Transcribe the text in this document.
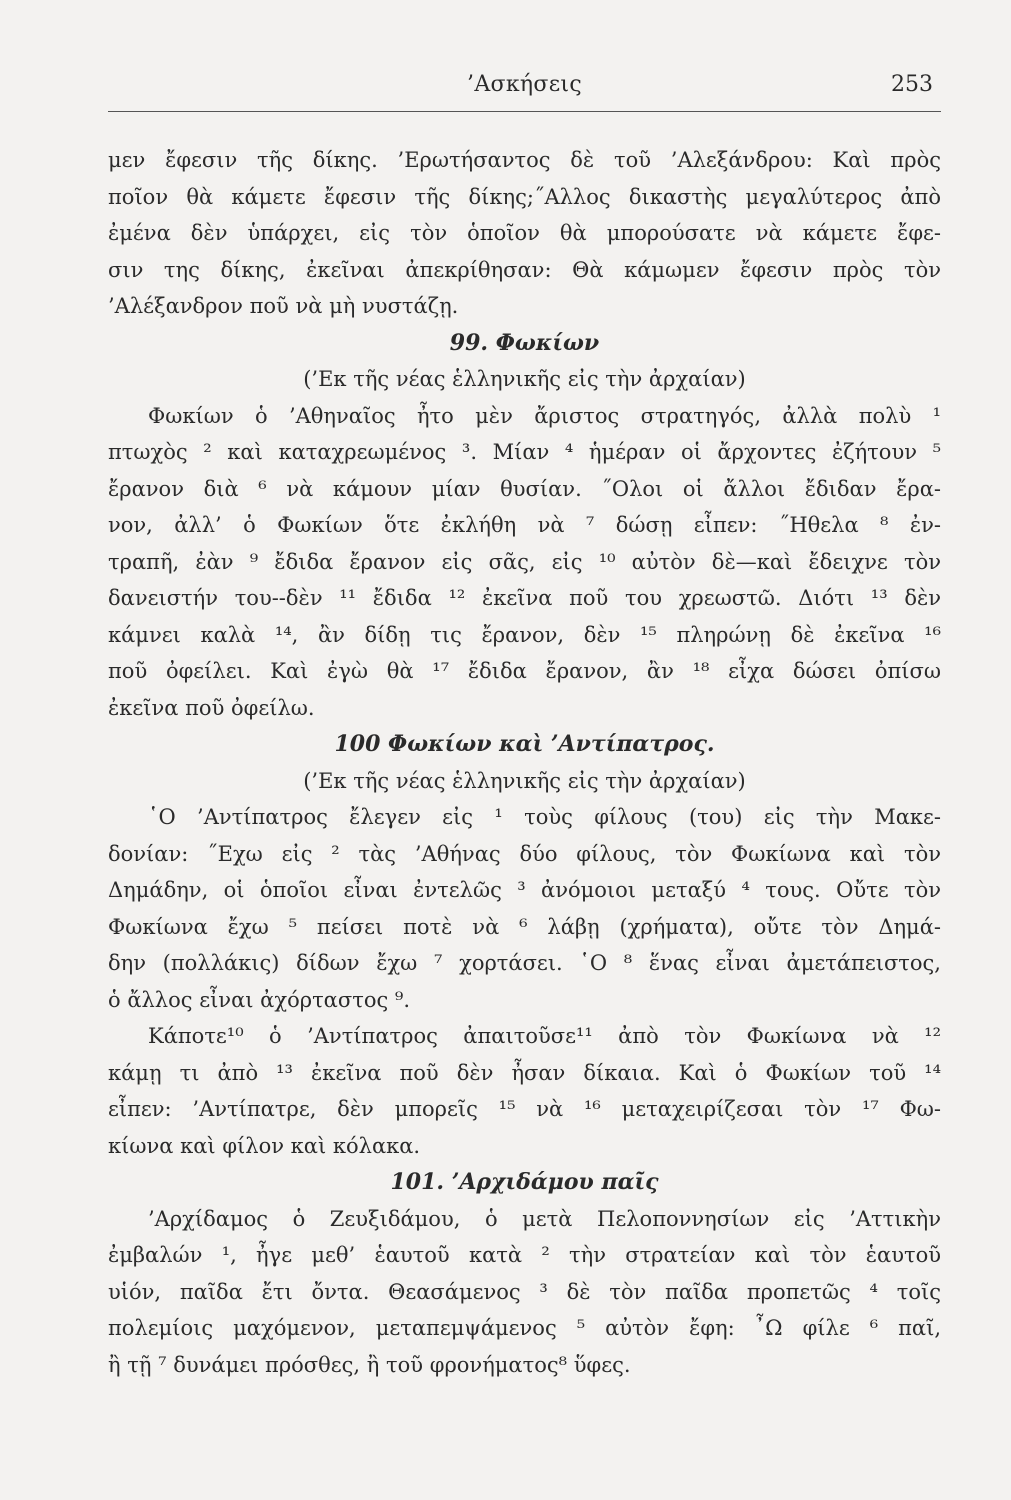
’Ασκήσεις	253
μεν ἔφεσιν τῆς δίκης. ’Ερωτήσαντος δὲ τοῦ ’Αλεξάνδρου: Καὶ πρὸς
ποῖον θὰ κάμετε ἔφεσιν τῆς δίκης;˝Αλλος δικαστὴς μεγαλύτερος ἀπὸ
ἐμένα δὲν ὑπάρχει, εἰς τὸν ὁποῖον θὰ μπορούσατε νὰ κάμετε ἔφε-
σιν της δίκης, ἐκεῖναι ἀπεκρίθησαν: Θὰ κάμωμεν ἔφεσιν πρὸς τὸν
’Αλέξανδρον ποῦ νὰ μὴ νυστάζῃ.
99. Φωκίων
(’Εκ τῆς νέας ἑλληνικῆς εἰς τὴν ἀρχαίαν)
Φωκίων ὁ ’Αθηναῖος ἦτο μὲν ἄριστος στρατηγός, ἀλλὰ πολὺ ¹
πτωχὸς ² καὶ καταχρεωμένος ³. Μίαν ⁴ ἡμέραν οἱ ἄρχοντες ἐζήτουν ⁵
ἔρανον διὰ ⁶ νὰ κάμουν μίαν θυσίαν. ˝Ολοι οἱ ἄλλοι ἔδιδαν ἔρα-
νον, ἀλλ’ ὁ Φωκίων ὅτε ἐκλήθη νὰ ⁷ δώσῃ εἶπεν: ˝Ηθελα ⁸ ἐν-
τραπῆ, ἐὰν ⁹ ἔδιδα ἔρανον εἰς σᾶς, εἰς ¹⁰ αὐτὸν δὲ—καὶ ἔδειχνε τὸν
δανειστήν του--δὲν ¹¹ ἔδιδα ¹² ἐκεῖνα ποῦ του χρεωστῶ. Διότι ¹³ δὲν
κάμνει καλὰ ¹⁴, ἂν δίδῃ τις ἔρανον, δὲν ¹⁵ πληρώνῃ δὲ ἐκεῖνα ¹⁶
ποῦ ὀφείλει. Καὶ ἐγὼ θὰ ¹⁷ ἔδιδα ἔρανον, ἂν ¹⁸ εἶχα δώσει ὀπίσω
ἐκεῖνα ποῦ ὀφείλω.
100 Φωκίων καὶ ’Αντίπατρος.
(’Εκ τῆς νέας ἑλληνικῆς εἰς τὴν ἀρχαίαν)
῾Ο ’Αντίπατρος ἔλεγεν εἰς ¹ τοὺς φίλους (του) εἰς τὴν Μακε-
δονίαν: ˝Εχω εἰς ² τὰς ’Αθήνας δύο φίλους, τὸν Φωκίωνα καὶ τὸν
Δημάδην, οἱ ὁποῖοι εἶναι ἐντελῶς ³ ἀνόμοιοι μεταξύ ⁴ τους. Οὔτε τὸν
Φωκίωνα ἔχω ⁵ πείσει ποτὲ νὰ ⁶ λάβῃ (χρήματα), οὔτε τὸν Δημά-
δην (πολλάκις) δίδων ἔχω ⁷ χορτάσει. ῾Ο ⁸ ἕνας εἶναι ἀμετάπειστος,
ὁ ἄλλος εἶναι ἀχόρταστος ⁹.
Κάποτε¹⁰ ὁ ’Αντίπατρος ἀπαιτοῦσε¹¹ ἀπὸ τὸν Φωκίωνα νὰ ¹²
κάμῃ τι ἀπὸ ¹³ ἐκεῖνα ποῦ δὲν ἦσαν δίκαια. Καὶ ὁ Φωκίων τοῦ ¹⁴
εἶπεν: ’Αντίπατρε, δὲν μπορεῖς ¹⁵ νὰ ¹⁶ μεταχειρίζεσαι τὸν ¹⁷ Φω-
κίωνα καὶ φίλον καὶ κόλακα.
101. ’Αρχιδάμου παῖς
’Αρχίδαμος ὁ Ζευξιδάμου, ὁ μετὰ Πελοποννησίων εἰς ’Αττικὴν
ἐμβαλών ¹, ἦγε μεθ’ ἑαυτοῦ κατὰ ² τὴν στρατείαν καὶ τὸν ἑαυτοῦ
υἱόν, παῖδα ἔτι ὄντα. Θεασάμενος ³ δὲ τὸν παῖδα προπετῶς ⁴ τοῖς
πολεμίοις μαχόμενον, μεταπεμψάμενος ⁵ αὐτὸν ἔφη: ῏Ω φίλε ⁶ παῖ,
ἢ τῇ ⁷ δυνάμει πρόσθες, ἢ τοῦ φρονήματος⁸ ὕφες.
